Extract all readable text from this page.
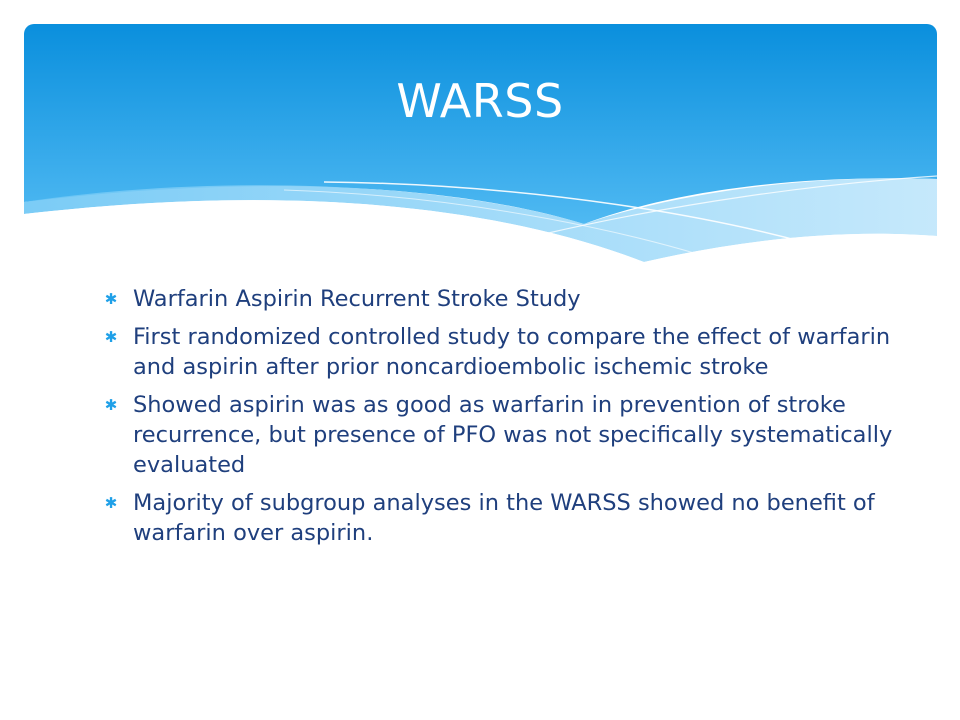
WARSS
✱ Warfarin Aspirin Recurrent Stroke Study
✱ First randomized controlled study to compare the effect of warfarin and aspirin after prior noncardioembolic ischemic stroke
✱ Showed aspirin was as good as warfarin in prevention of stroke recurrence, but presence of PFO was not specifically systematically evaluated
✱ Majority of subgroup analyses in the WARSS showed no benefit of warfarin over aspirin.
